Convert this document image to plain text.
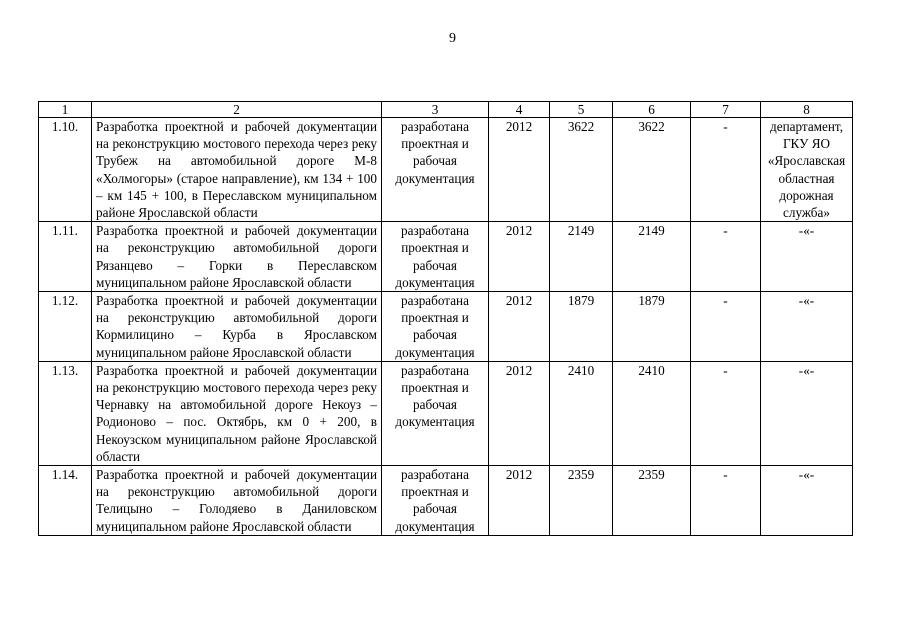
9
1	2	3	4	5	6	7	8
1.10.	Разработка проектной и рабочей документации на реконструкцию мостового перехода через реку Трубеж на автомобильной дороге М-8 «Холмогоры» (старое направление), км 134 + 100 – км 145 + 100, в Переславском муниципальном районе Ярославской области	разработана проектная и рабочая документация	2012	3622	3622	-	департамент, ГКУ ЯО «Ярославская областная дорожная служба»
1.11.	Разработка проектной и рабочей документации на реконструкцию автомобильной дороги Рязанцево – Горки в Переславском муниципальном районе Ярославской области	разработана проектная и рабочая документация	2012	2149	2149	-	-«-
1.12.	Разработка проектной и рабочей документации на реконструкцию автомобильной дороги Кормилицино – Курба в Ярославском муниципальном районе Ярославской области	разработана проектная и рабочая документация	2012	1879	1879	-	-«-
1.13.	Разработка проектной и рабочей документации на реконструкцию мостового перехода через реку Чернавку на автомобильной дороге Некоуз – Родионово – пос. Октябрь, км 0 + 200, в Некоузском муниципальном районе Ярославской области	разработана проектная и рабочая документация	2012	2410	2410	-	-«-
1.14.	Разработка проектной и рабочей документации на реконструкцию автомобильной дороги Телицыно – Голодяево в Даниловском муниципальном районе Ярославской области	разработана проектная и рабочая документация	2012	2359	2359	-	-«-
